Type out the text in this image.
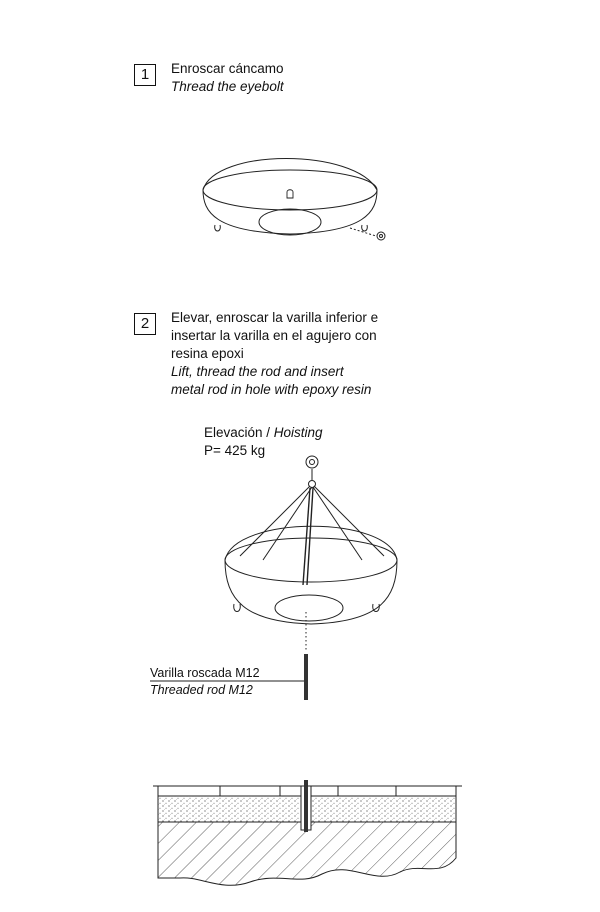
1	Enroscar cáncamo
Thread the eyebolt
2	Elevar, enroscar la varilla inferior e
insertar la varilla en el agujero con
resina epoxi
Lift, thread the rod and insert
metal rod in hole with epoxy resin
Elevación / Hoisting
P= 425 kg
Varilla roscada M12
Threaded rod M12
